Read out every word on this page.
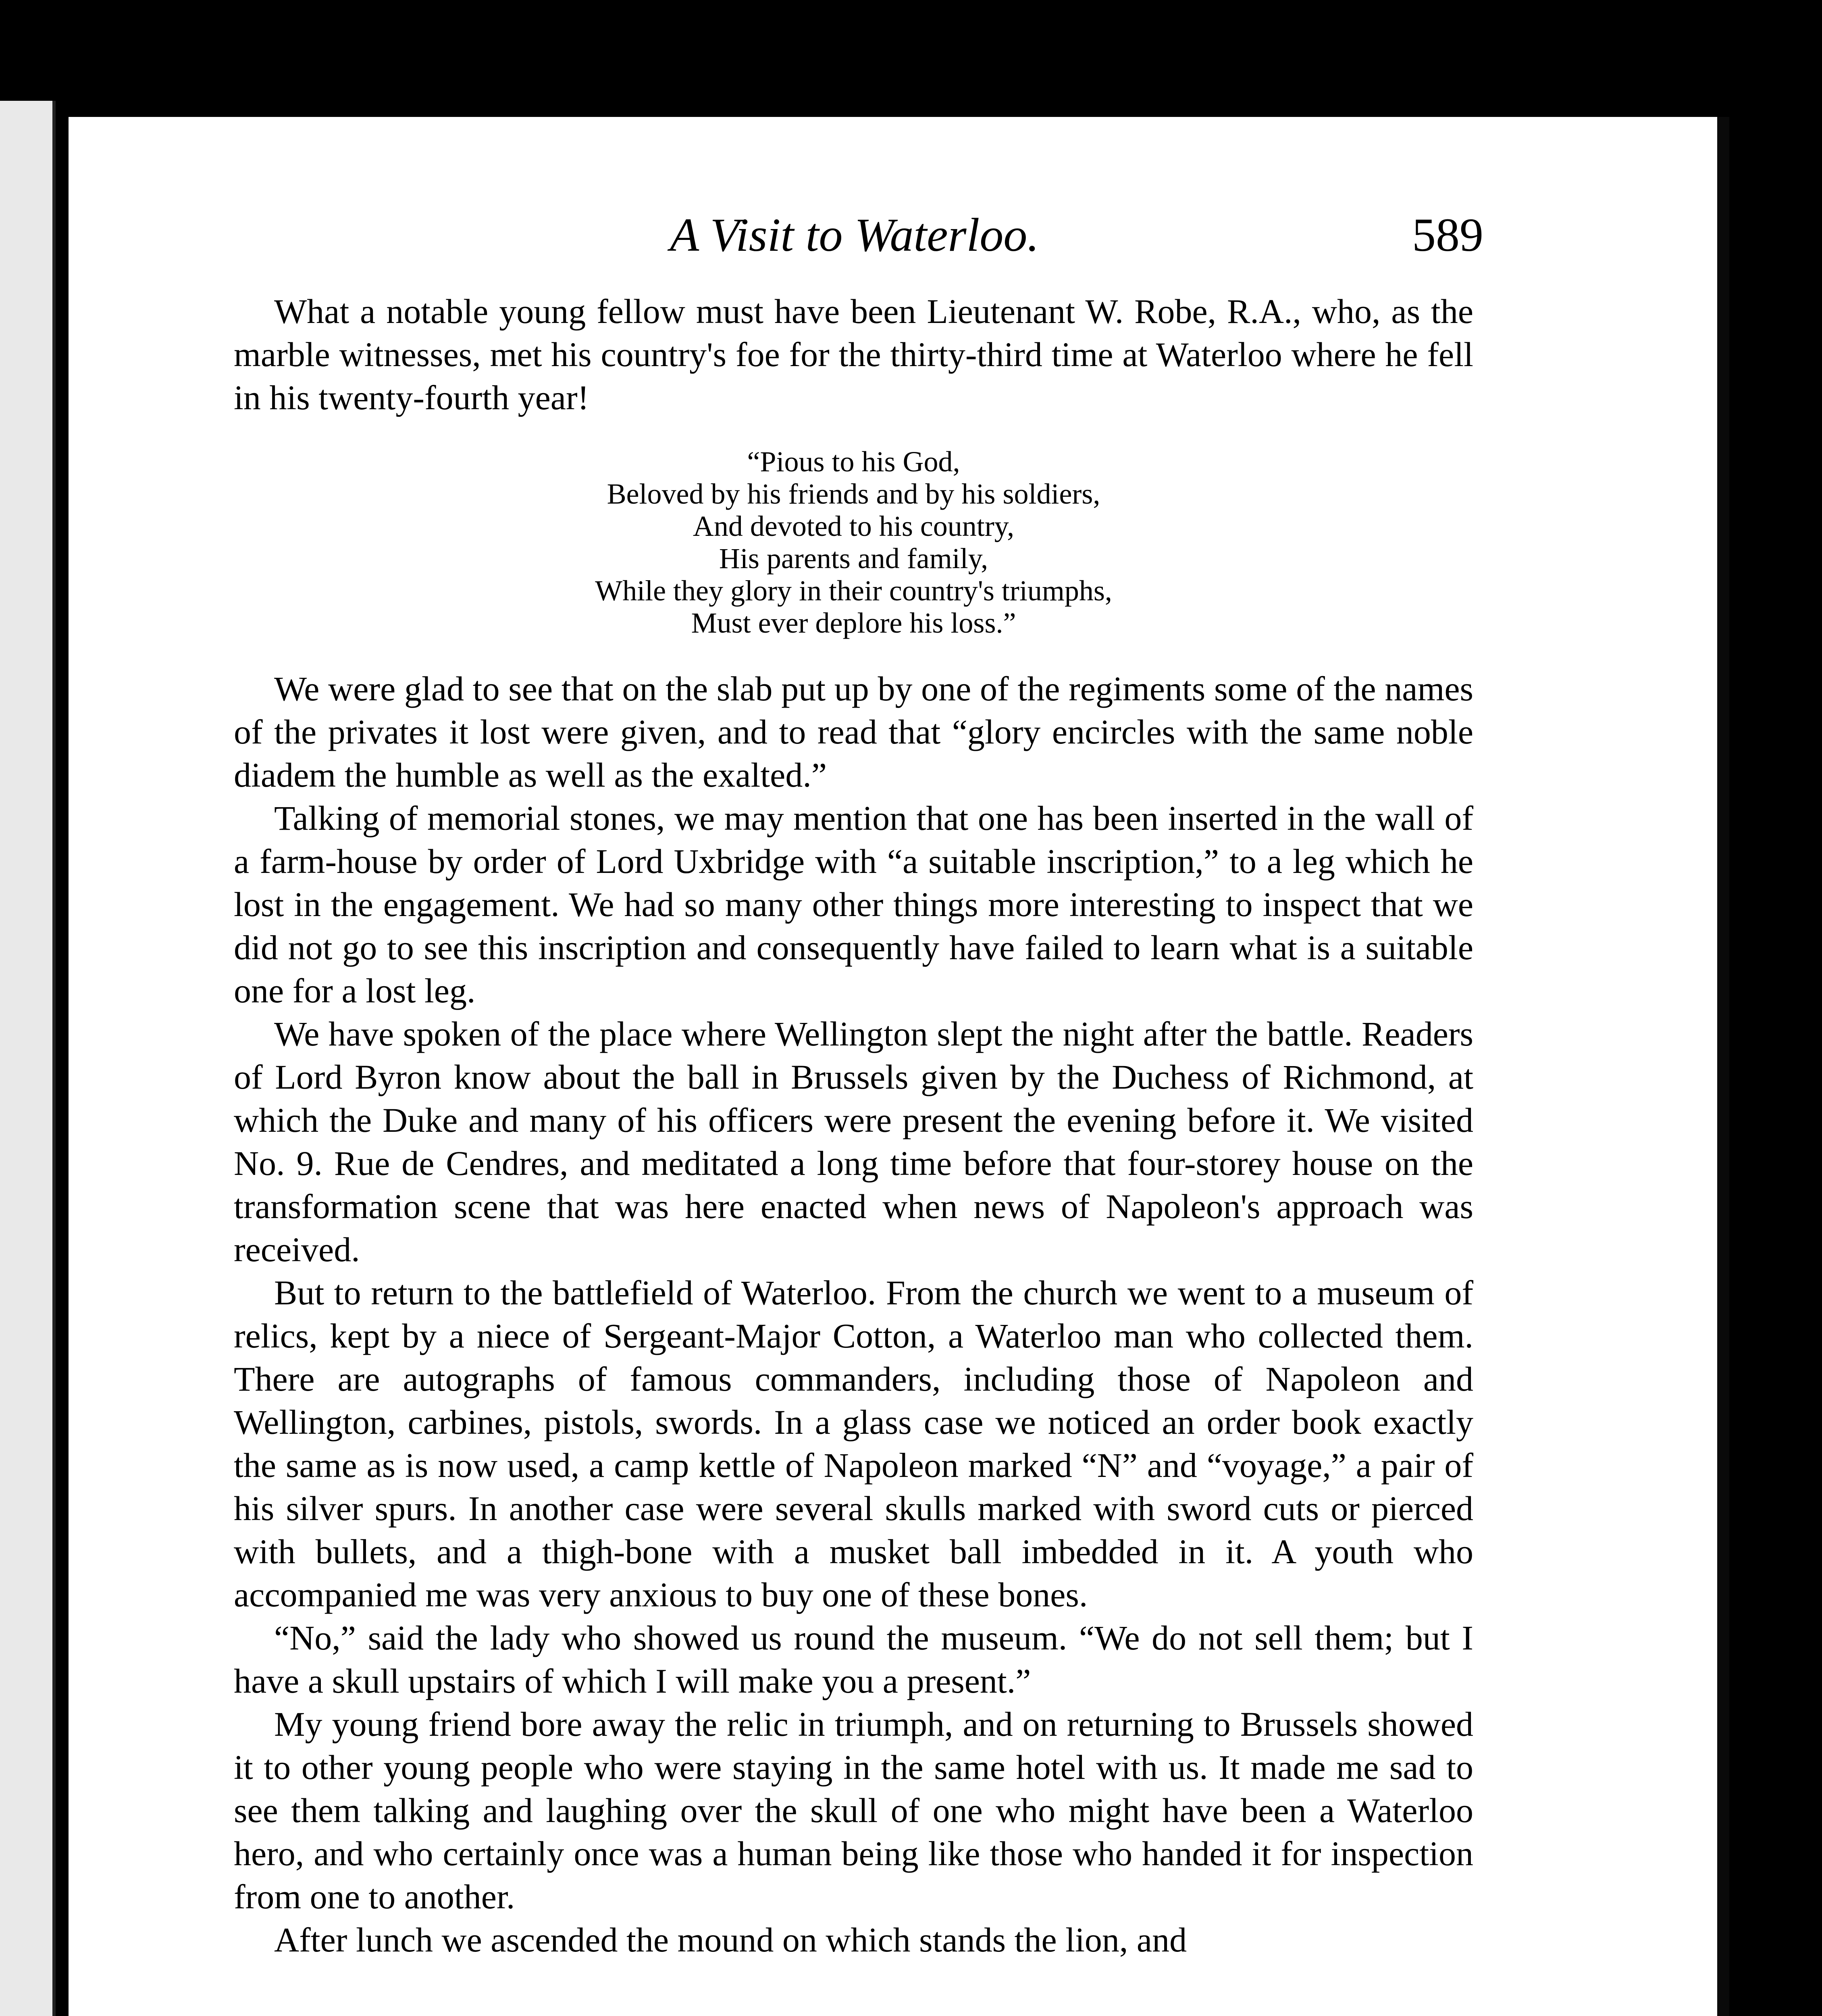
A Visit to Waterloo.	589

What a notable young fellow must have been Lieutenant W. Robe, R.A., who, as the marble witnesses, met his country's foe for the thirty-third time at Waterloo where he fell in his twenty-fourth year!

“Pious to his God,
Beloved by his friends and by his soldiers,
And devoted to his country,
His parents and family,
While they glory in their country's triumphs,
Must ever deplore his loss.”

We were glad to see that on the slab put up by one of the regiments some of the names of the privates it lost were given, and to read that “glory encircles with the same noble diadem the humble as well as the exalted.”

Talking of memorial stones, we may mention that one has been inserted in the wall of a farm-house by order of Lord Uxbridge with “a suitable inscription,” to a leg which he lost in the engagement. We had so many other things more interesting to inspect that we did not go to see this inscription and consequently have failed to learn what is a suitable one for a lost leg.

We have spoken of the place where Wellington slept the night after the battle. Readers of Lord Byron know about the ball in Brussels given by the Duchess of Richmond, at which the Duke and many of his officers were present the evening before it. We visited No. 9. Rue de Cendres, and meditated a long time before that four-storey house on the transformation scene that was here enacted when news of Napoleon's approach was received.

But to return to the battlefield of Waterloo. From the church we went to a museum of relics, kept by a niece of Sergeant-Major Cotton, a Waterloo man who collected them. There are autographs of famous commanders, including those of Napoleon and Wellington, carbines, pistols, swords. In a glass case we noticed an order book exactly the same as is now used, a camp kettle of Napoleon marked “N” and “voyage,” a pair of his silver spurs. In another case were several skulls marked with sword cuts or pierced with bullets, and a thigh-bone with a musket ball imbedded in it. A youth who accompanied me was very anxious to buy one of these bones.

“No,” said the lady who showed us round the museum. “We do not sell them; but I have a skull upstairs of which I will make you a present.”

My young friend bore away the relic in triumph, and on returning to Brussels showed it to other young people who were staying in the same hotel with us. It made me sad to see them talking and laughing over the skull of one who might have been a Waterloo hero, and who certainly once was a human being like those who handed it for inspection from one to another.

After lunch we ascended the mound on which stands the lion, and
